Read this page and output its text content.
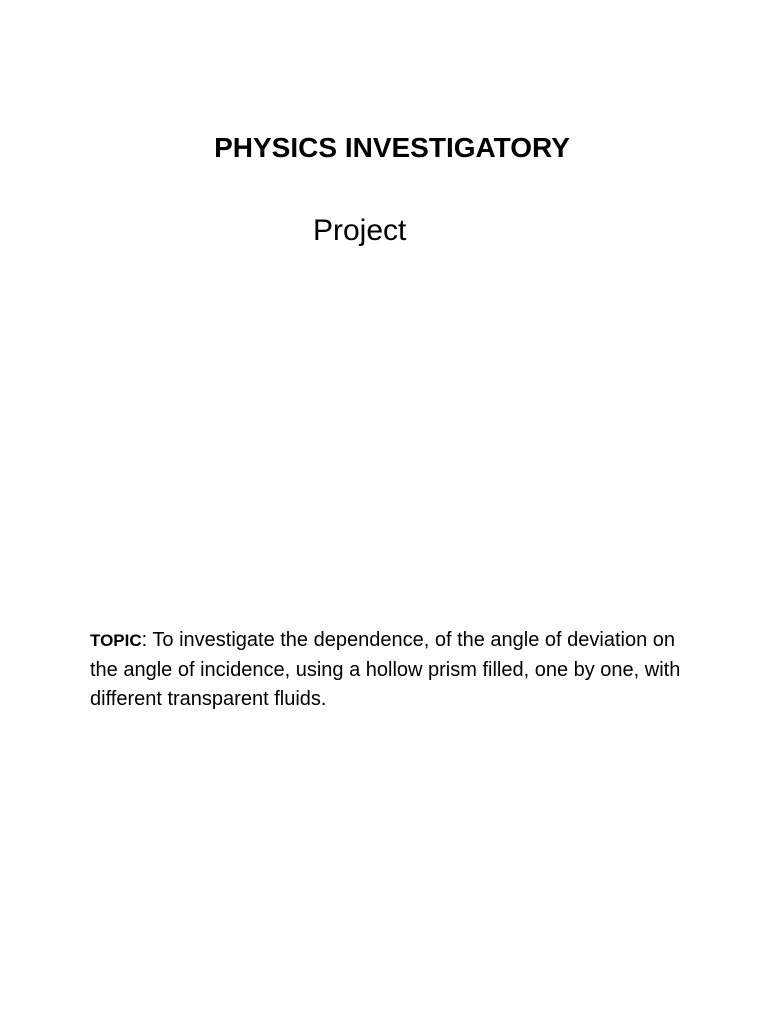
PHYSICS INVESTIGATORY
Project
TOPIC: To investigate the dependence, of the angle of deviation on the angle of incidence, using a hollow prism filled, one by one, with different transparent fluids.
